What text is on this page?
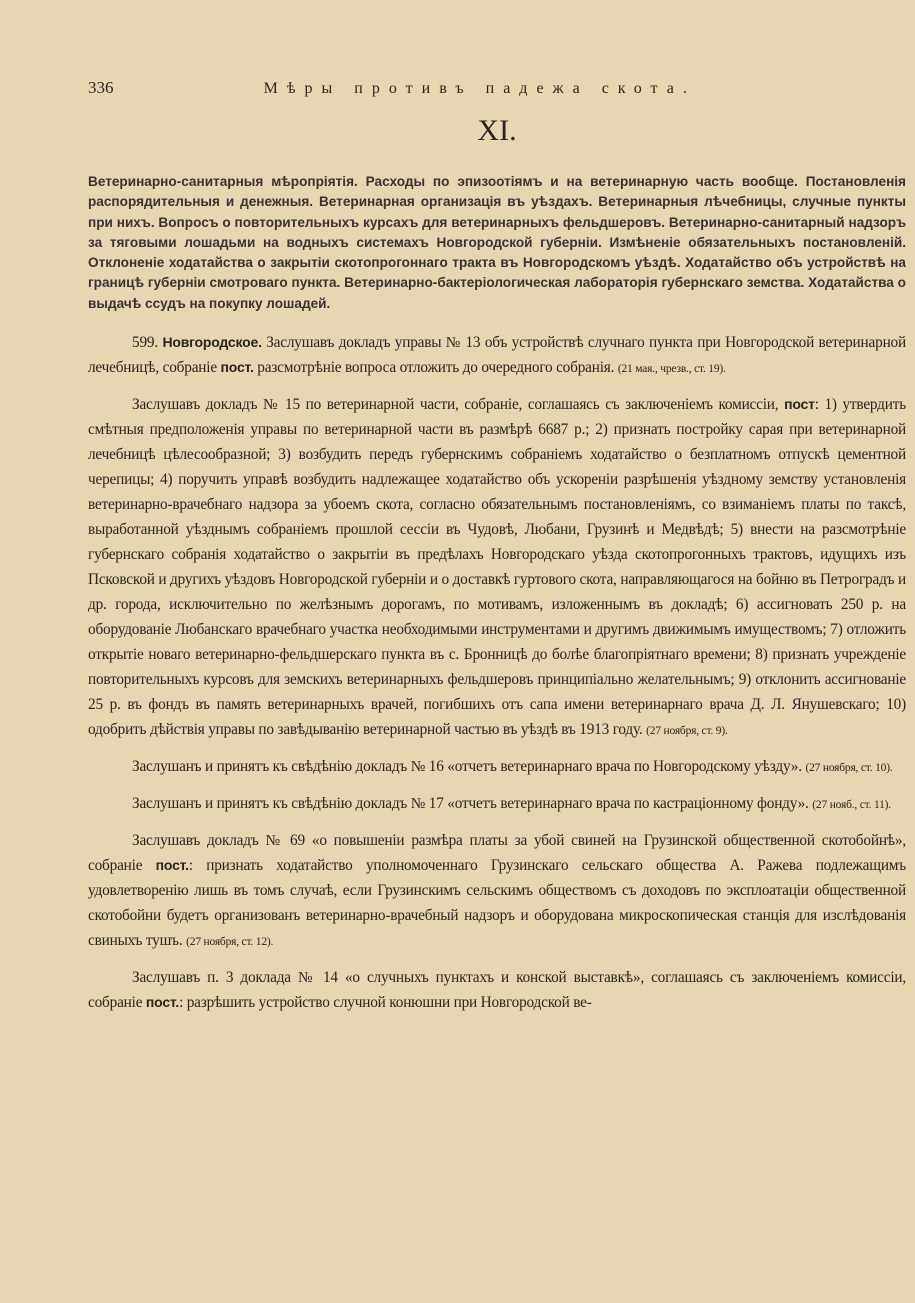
336	Мѣры противъ падежа скота.
XI.
Ветеринарно-санитарныя мѣропріятія. Расходы по эпизоотіямъ и на ветеринарную часть вообще. Постановленія распорядительныя и денежныя. Ветеринарная организація въ уѣздахъ. Ветеринарныя лѣчебницы, случные пункты при нихъ. Вопросъ о повторительныхъ курсахъ для ветеринарныхъ фельдшеровъ. Ветеринарно-санитарный надзоръ за тяговыми лошадьми на водныхъ системахъ Новгородской губерніи. Измѣненіе обязательныхъ постановленій. Отклоненіе ходатайства о закрытіи скотопрогоннаго тракта въ Новгородскомъ уѣздѣ. Ходатайство объ устройствѣ на границѣ губерніи смотроваго пункта. Ветеринарно-бактеріологическая лабораторія губернскаго земства. Ходатайства о выдачѣ ссудъ на покупку лошадей.

599. Новгородское. Заслушавъ докладъ управы № 13 объ устройствѣ случнаго пункта при Новгородской ветеринарной лечебницѣ, собраніе пост. разсмотрѣніе вопроса отложить до очередного собранія. (21 мая., чрезв., ст. 19).

Заслушавъ докладъ № 15 по ветеринарной части, собраніе, соглашаясь съ заключеніемъ комиссіи, пост: 1) утвердить смѣтныя предположенія управы по ветеринарной части въ размѣрѣ 6687 р.; 2) признать постройку сарая при ветеринарной лечебницѣ цѣлесообразной; 3) возбудить передъ губернскимъ собраніемъ ходатайство о безплатномъ отпускѣ цементной черепицы; 4) поручить управѣ возбудить надлежащее ходатайство объ ускореніи разрѣшенія уѣздному земству установленія ветеринарно-врачебнаго надзора за убоемъ скота, согласно обязательнымъ постановленіямъ, со взиманіемъ платы по таксѣ, выработанной уѣзднымъ собраніемъ прошлой сессіи въ Чудовѣ, Любани, Грузинѣ и Медвѣдѣ; 5) внести на разсмотрѣніе губернскаго собранія ходатайство о закрытіи въ предѣлахъ Новгородскаго уѣзда скотопрогонныхъ трактовъ, идущихъ изъ Псковской и другихъ уѣздовъ Новгородской губерніи и о доставкѣ гуртового скота, направляющагося на бойню въ Петроградъ и др. города, исключительно по желѣзнымъ дорогамъ, по мотивамъ, изложеннымъ въ докладѣ; 6) ассигновать 250 р. на оборудованіе Любанскаго врачебнаго участка необходимыми инструментами и другимъ движимымъ имуществомъ; 7) отложить открытіе новаго ветеринарно-фельдшерскаго пункта въ с. Бронницѣ до болѣе благопріятнаго времени; 8) признать учрежденіе повторительныхъ курсовъ для земскихъ ветеринарныхъ фельдшеровъ принципіально желательнымъ; 9) отклонить ассигнованіе 25 р. въ фондъ въ память ветеринарныхъ врачей, погибшихъ отъ сапа имени ветеринарнаго врача Д. Л. Янушевскаго; 10) одобрить дѣйствія управы по завѣдыванію ветеринарной частью въ уѣздѣ въ 1913 году. (27 ноября, ст. 9).

Заслушанъ и принятъ къ свѣдѣнію докладъ № 16 «отчетъ ветеринарнаго врача по Новгородскому уѣзду». (27 ноября, ст. 10).

Заслушанъ и принятъ къ свѣдѣнію докладъ № 17 «отчетъ ветеринарнаго врача по кастраціонному фонду». (27 нояб., ст. 11).

Заслушавъ докладъ № 69 «о повышеніи размѣра платы за убой свиней на Грузинской общественной скотобойнѣ», собраніе пост.: признать ходатайство уполномоченнаго Грузинскаго сельскаго общества А. Ражева подлежащимъ удовлетворенію лишь въ томъ случаѣ, если Грузинскимъ сельскимъ обществомъ съ доходовъ по эксплоатаціи общественной скотобойни будетъ организованъ ветеринарно-врачебный надзоръ и оборудована микроскопическая станція для изслѣдованія свиныхъ тушъ. (27 ноября, ст. 12).

Заслушавъ п. 3 доклада № 14 «о случныхъ пунктахъ и конской выставкѣ», соглашаясь съ заключеніемъ комиссіи, собраніе пост.: разрѣшить устройство случной конюшни при Новгородской ве-
